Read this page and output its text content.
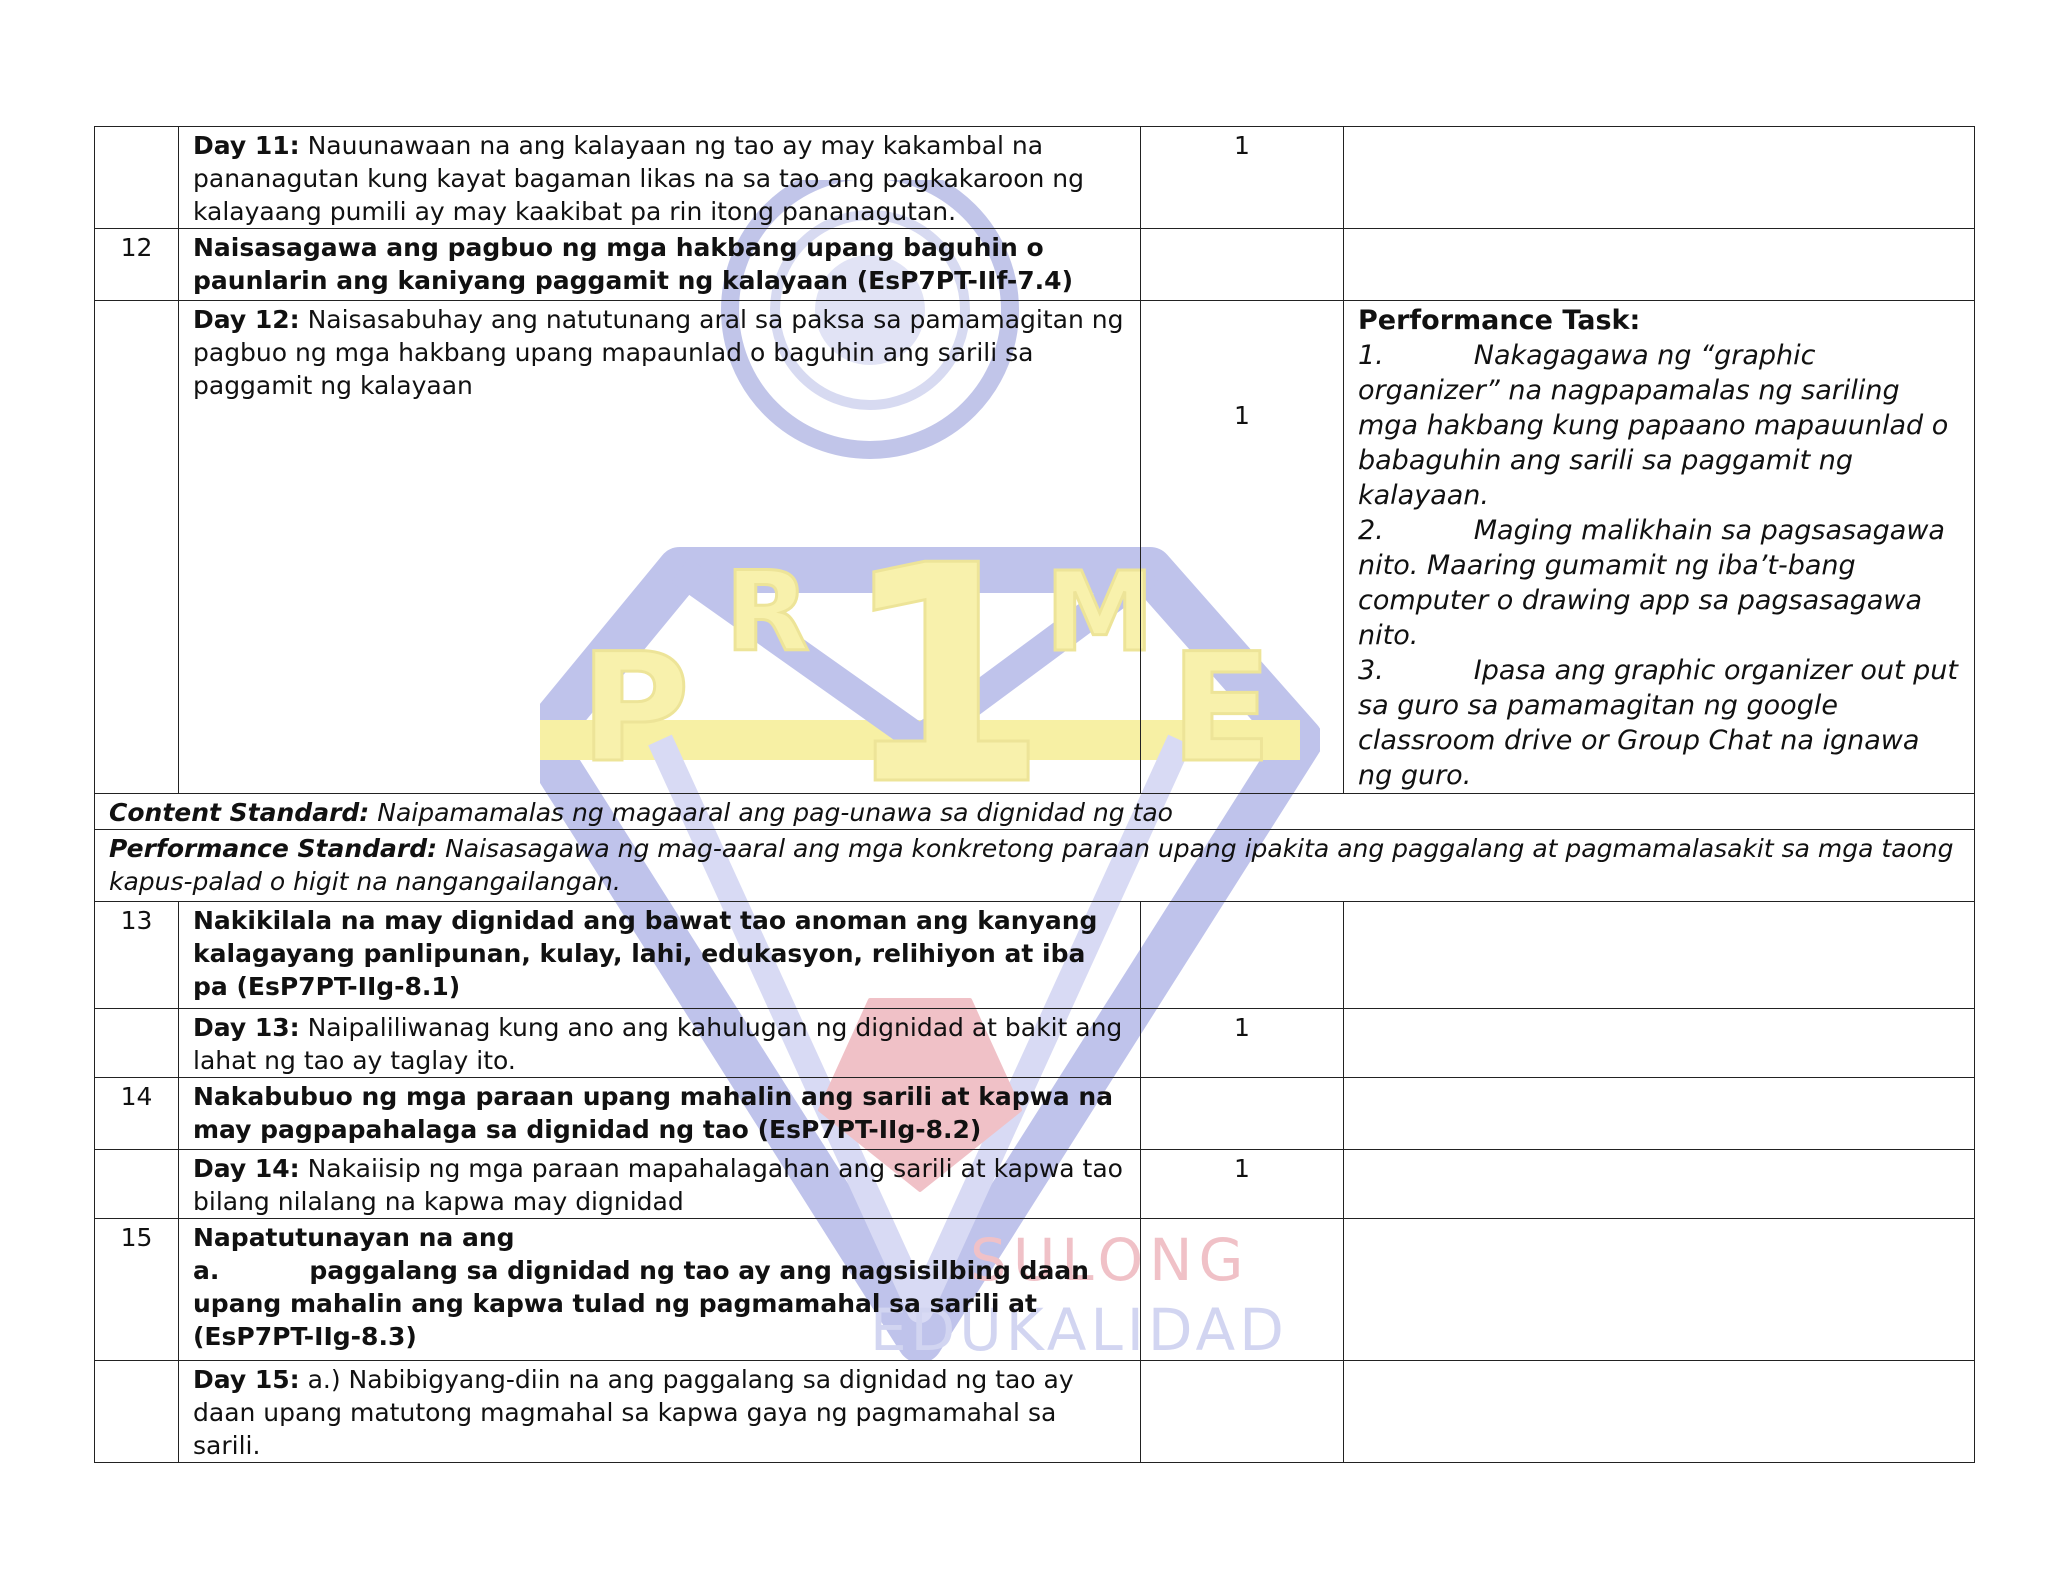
P
R 1
M
E
SULONG
EDUKALIDAD
	Day 11: Nauunawaan na ang kalayaan ng tao ay may kakambal na pananagutan kung kayat bagaman likas na sa tao ang pagkakaroon ng kalayaang pumili ay may kaakibat pa rin itong pananagutan.	1	
12	Naisasagawa ang pagbuo ng mga hakbang upang baguhin o paunlarin ang kaniyang paggamit ng kalayaan (EsP7PT-IIf-7.4)		
	Day 12: Naisasabuhay ang natutunang aral sa paksa sa pamamagitan ng pagbuo ng mga hakbang upang mapaunlad o baguhin ang sarili sa paggamit ng kalayaan	1	Performance Task:
1. Nakagagawa ng “graphic organizer” na nagpapamalas ng sariling mga hakbang kung papaano mapauunlad o babaguhin ang sarili sa paggamit ng kalayaan.
2. Maging malikhain sa pagsasagawa nito. Maaring gumamit ng iba’t-bang computer o drawing app sa pagsasagawa nito.
3. Ipasa ang graphic organizer out put sa guro sa pamamagitan ng google classroom drive or Group Chat na ignawa ng guro.

Content Standard: Naipamamalas ng magaaral ang pag-unawa sa dignidad ng tao			
Performance Standard: Naisasagawa ng mag-aaral ang mga konkretong paraan upang ipakita ang paggalang at pagmamalasakit sa mga taong kapus-palad o higit na nangangailangan.			
13	Nakikilala na may dignidad ang bawat tao anoman ang kanyang kalagayang panlipunan, kulay, lahi, edukasyon, relihiyon at iba pa (EsP7PT-IIg-8.1)		
	Day 13: Naipaliliwanag kung ano ang kahulugan ng dignidad at bakit ang lahat ng tao ay taglay ito.	1	
14	Nakabubuo ng mga paraan upang mahalin ang sarili at kapwa na may pagpapahalaga sa dignidad ng tao (EsP7PT-IIg-8.2)		
	Day 14: Nakaiisip ng mga paraan mapahalagahan ang sarili at kapwa tao bilang nilalang na kapwa may dignidad	1	
15	Napatutunayan na ang
a. paggalang sa dignidad ng tao ay ang nagsisilbing daan upang mahalin ang kapwa tulad ng pagmamahal sa sarili at (EsP7PT-IIg-8.3)		

	Day 15: a.) Nabibigyang-diin na ang paggalang sa dignidad ng tao ay daan upang matutong magmahal sa kapwa gaya ng pagmamahal sa sarili.		
